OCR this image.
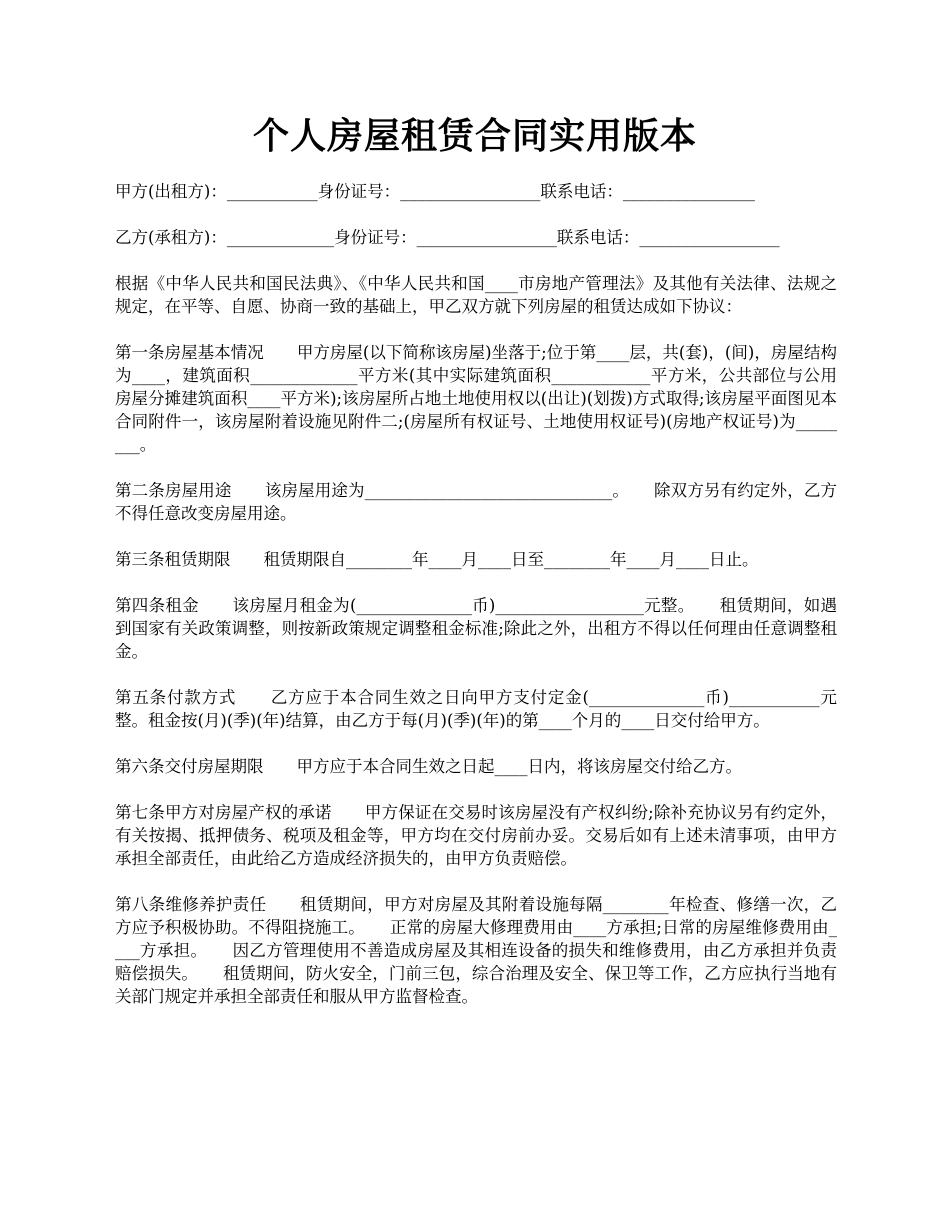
个人房屋租赁合同实用版本

甲方(出租方)：___________身份证号：_________________联系电话：________________

乙方(承租方)：_____________身份证号：_________________联系电话：_________________

根据《中华人民共和国民法典》、《中华人民共和国____市房地产管理法》及其他有关法律、法规之规定，在平等、自愿、协商一致的基础上，甲乙双方就下列房屋的租赁达成如下协议：

第一条房屋基本情况　　甲方房屋(以下简称该房屋)坐落于;位于第____层，共(套)，(间)，房屋结构为____，建筑面积_____________平方米(其中实际建筑面积____________平方米，公共部位与公用房屋分摊建筑面积____平方米);该房屋所占地土地使用权以(出让)(划拨)方式取得;该房屋平面图见本合同附件一，该房屋附着设施见附件二;(房屋所有权证号、土地使用权证号)(房地产权证号)为________。

第二条房屋用途　　该房屋用途为______________________________。　　除双方另有约定外，乙方不得任意改变房屋用途。

第三条租赁期限　　租赁期限自________年____月____日至________年____月____日止。

第四条租金　　该房屋月租金为(______________币)__________________元整。　　租赁期间，如遇到国家有关政策调整，则按新政策规定调整租金标准;除此之外，出租方不得以任何理由任意调整租金。

第五条付款方式　　乙方应于本合同生效之日向甲方支付定金(______________币)___________元整。租金按(月)(季)(年)结算，由乙方于每(月)(季)(年)的第____个月的____日交付给甲方。

第六条交付房屋期限　　甲方应于本合同生效之日起____日内，将该房屋交付给乙方。

第七条甲方对房屋产权的承诺　　甲方保证在交易时该房屋没有产权纠纷;除补充协议另有约定外，有关按揭、抵押债务、税项及租金等，甲方均在交付房前办妥。交易后如有上述未清事项，由甲方承担全部责任，由此给乙方造成经济损失的，由甲方负责赔偿。

第八条维修养护责任　　租赁期间，甲方对房屋及其附着设施每隔________年检查、修缮一次，乙方应予积极协助。不得阻挠施工。　　正常的房屋大修理费用由____方承担;日常的房屋维修费用由____方承担。　　因乙方管理使用不善造成房屋及其相连设备的损失和维修费用，由乙方承担并负责赔偿损失。　　租赁期间，防火安全，门前三包，综合治理及安全、保卫等工作，乙方应执行当地有关部门规定并承担全部责任和服从甲方监督检查。
